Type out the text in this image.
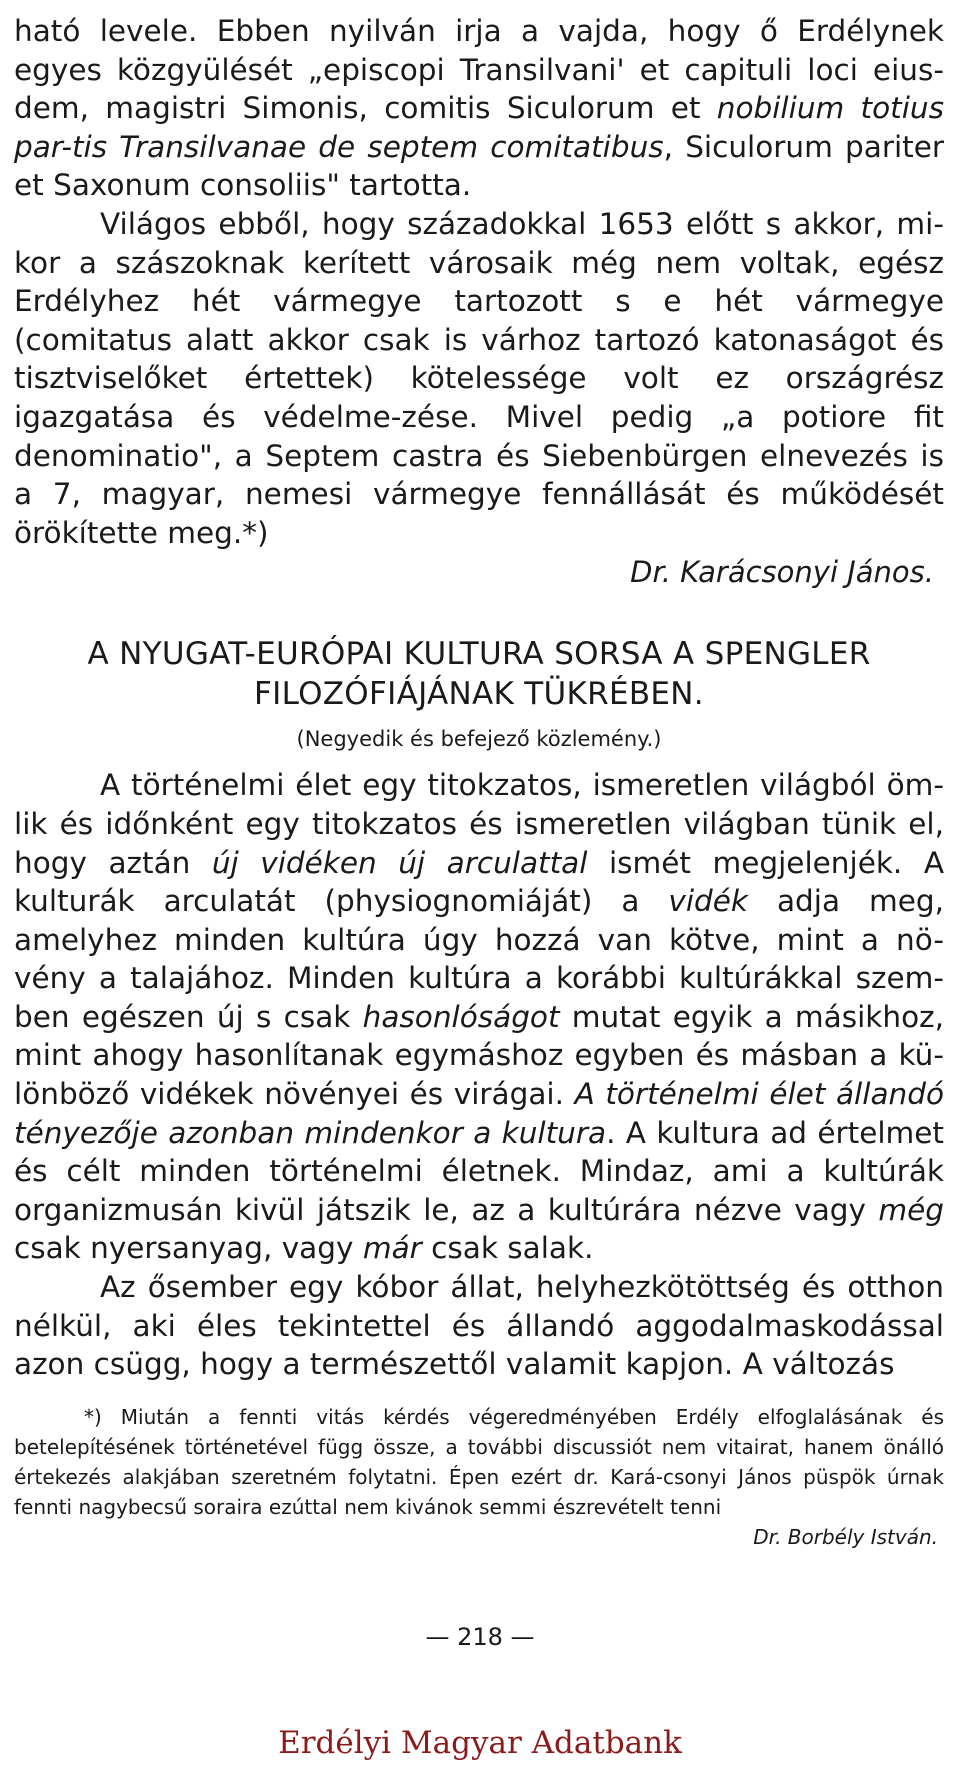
ható levele. Ebben nyilván irja a vajda, hogy ő Erdélynek egyes közgyülését „episcopi Transilvani' et capituli loci eius-dem, magistri Simonis, comitis Siculorum et nobilium totius par-tis Transilvanae de septem comitatibus, Siculorum pariter et Saxonum consoliis" tartotta.

Világos ebből, hogy századokkal 1653 előtt s akkor, mi-kor a szászoknak kerített városaik még nem voltak, egész Erdélyhez hét vármegye tartozott s e hét vármegye (comitatus alatt akkor csak is várhoz tartozó katonaságot és tisztviselőket értettek) kötelessége volt ez országrész igazgatása és védelme-zése. Mivel pedig „a potiore fit denominatio", a Septem castra és Siebenbürgen elnevezés is a 7, magyar, nemesi vármegye fennállását és működését örökítette meg.*)

Dr. Karácsonyi János.

A NYUGAT-EURÓPAI KULTURA SORSA A SPENGLER
FILOZÓFIÁJÁNAK TÜKRÉBEN.

(Negyedik és befejező közlemény.)

A történelmi élet egy titokzatos, ismeretlen világból öm-lik és időnként egy titokzatos és ismeretlen világban tünik el, hogy aztán új vidéken új arculattal ismét megjelenjék. A kulturák arculatát (physiognomiáját) a vidék adja meg, amelyhez minden kultúra úgy hozzá van kötve, mint a nö-vény a talajához. Minden kultúra a korábbi kultúrákkal szem-ben egészen új s csak hasonlóságot mutat egyik a másikhoz, mint ahogy hasonlítanak egymáshoz egyben és másban a kü-lönböző vidékek növényei és virágai. A történelmi élet állandó tényezője azonban mindenkor a kultura. A kultura ad értelmet és célt minden történelmi életnek. Mindaz, ami a kultúrák organizmusán kivül játszik le, az a kultúrára nézve vagy még csak nyersanyag, vagy már csak salak.

Az ősember egy kóbor állat, helyhezkötöttség és otthon nélkül, aki éles tekintettel és állandó aggodalmaskodással azon csügg, hogy a természettől valamit kapjon. A változás

*) Miután a fennti vitás kérdés végeredményében Erdély elfoglalásának és betelepítésének történetével függ össze, a további discussiót nem vitairat, hanem önálló értekezés alakjában szeretném folytatni. Épen ezért dr. Kará-csonyi János püspök úrnak fennti nagybecsű soraira ezúttal nem kivánok semmi észrevételt tenni
Dr. Borbély István.
— 218 —
Erdélyi Magyar Adatbank
